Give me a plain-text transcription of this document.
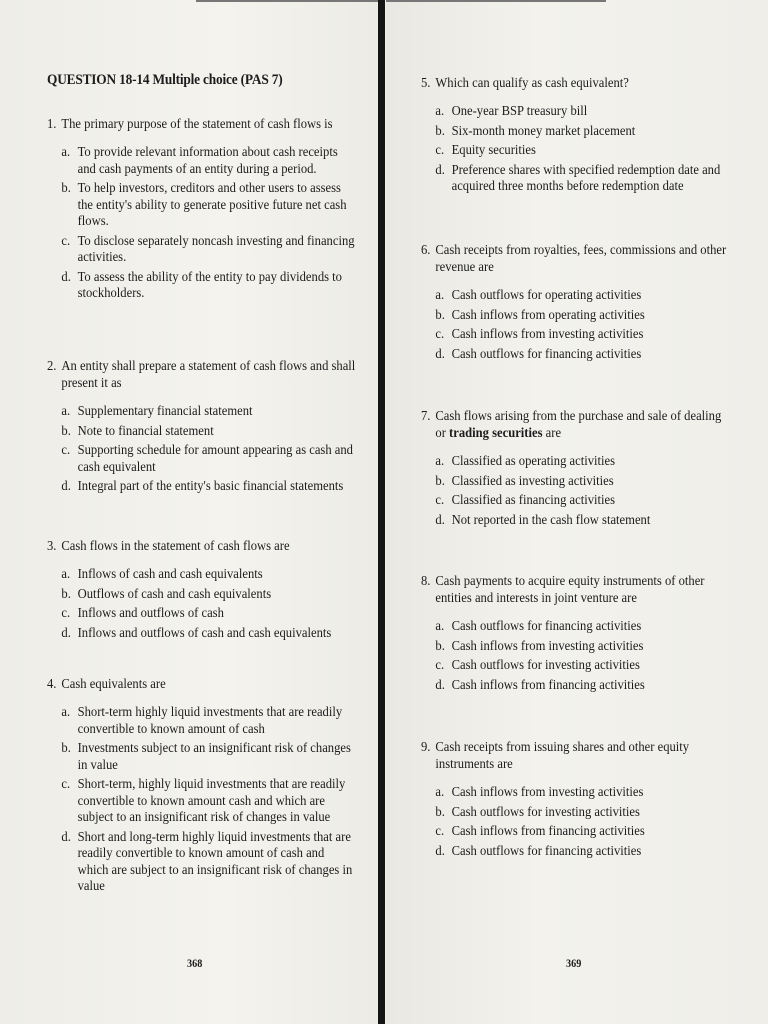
QUESTION 18-14 Multiple choice (PAS 7)
1. The primary purpose of the statement of cash flows is
a. To provide relevant information about cash receipts and cash payments of an entity during a period.
b. To help investors, creditors and other users to assess the entity's ability to generate positive future net cash flows.
c. To disclose separately noncash investing and financing activities.
d. To assess the ability of the entity to pay dividends to stockholders.
2. An entity shall prepare a statement of cash flows and shall present it as
a. Supplementary financial statement
b. Note to financial statement
c. Supporting schedule for amount appearing as cash and cash equivalent
d. Integral part of the entity's basic financial statements
3. Cash flows in the statement of cash flows are
a. Inflows of cash and cash equivalents
b. Outflows of cash and cash equivalents
c. Inflows and outflows of cash
d. Inflows and outflows of cash and cash equivalents
4. Cash equivalents are
a. Short-term highly liquid investments that are readily convertible to known amount of cash
b. Investments subject to an insignificant risk of changes in value
c. Short-term, highly liquid investments that are readily convertible to known amount cash and which are subject to an insignificant risk of changes in value
d. Short and long-term highly liquid investments that are readily convertible to known amount of cash and which are subject to an insignificant risk of changes in value
5. Which can qualify as cash equivalent?
a. One-year BSP treasury bill
b. Six-month money market placement
c. Equity securities
d. Preference shares with specified redemption date and acquired three months before redemption date
6. Cash receipts from royalties, fees, commissions and other revenue are
a. Cash outflows for operating activities
b. Cash inflows from operating activities
c. Cash inflows from investing activities
d. Cash outflows for financing activities
7. Cash flows arising from the purchase and sale of dealing or trading securities are
a. Classified as operating activities
b. Classified as investing activities
c. Classified as financing activities
d. Not reported in the cash flow statement
8. Cash payments to acquire equity instruments of other entities and interests in joint venture are
a. Cash outflows for financing activities
b. Cash inflows from investing activities
c. Cash outflows for investing activities
d. Cash inflows from financing activities
9. Cash receipts from issuing shares and other equity instruments are
a. Cash inflows from investing activities
b. Cash outflows for investing activities
c. Cash inflows from financing activities
d. Cash outflows for financing activities
368	369
